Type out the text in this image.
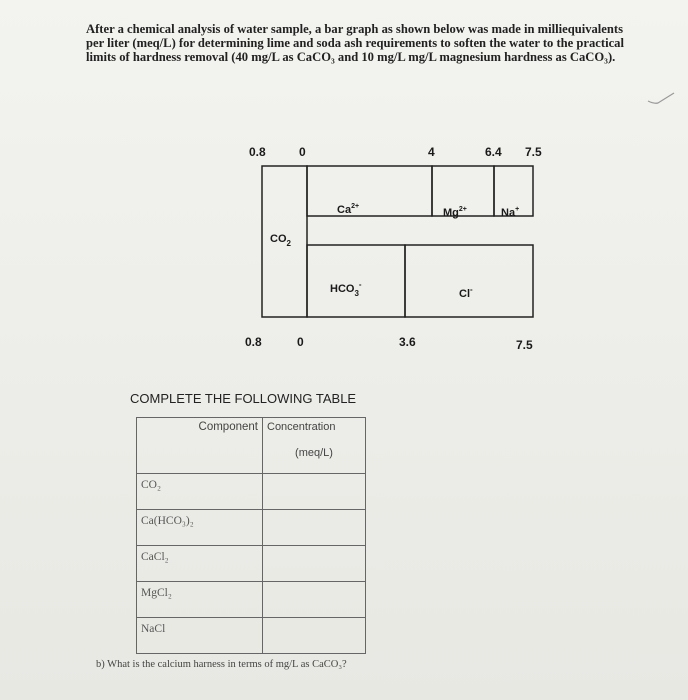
After a chemical analysis of water sample, a bar graph as shown below was made in milliequivalents
per liter (meq/L) for determining lime and soda ash requirements to soften the water to the practical
limits of hardness removal (40 mg/L as CaCO₃ and 10 mg/L mg/L magnesium hardness as CaCO₃).
0.8	0	4	6.4 7.5
$Ca^{2+}$
$Mg^{2+}$	Na+
$CO_2$
$HCO_3^-$
Cl-
0.8	0	3.6	7.5
COMPLETE THE FOLLOWING TABLE
Component	Concentration
(meq/L)

CO₂	
Ca(HCO₃)₂	
CaCl₂	
MgCl₂	
NaCl	
b) What is the calcium harness in terms of mg/L as CaCO₃?
